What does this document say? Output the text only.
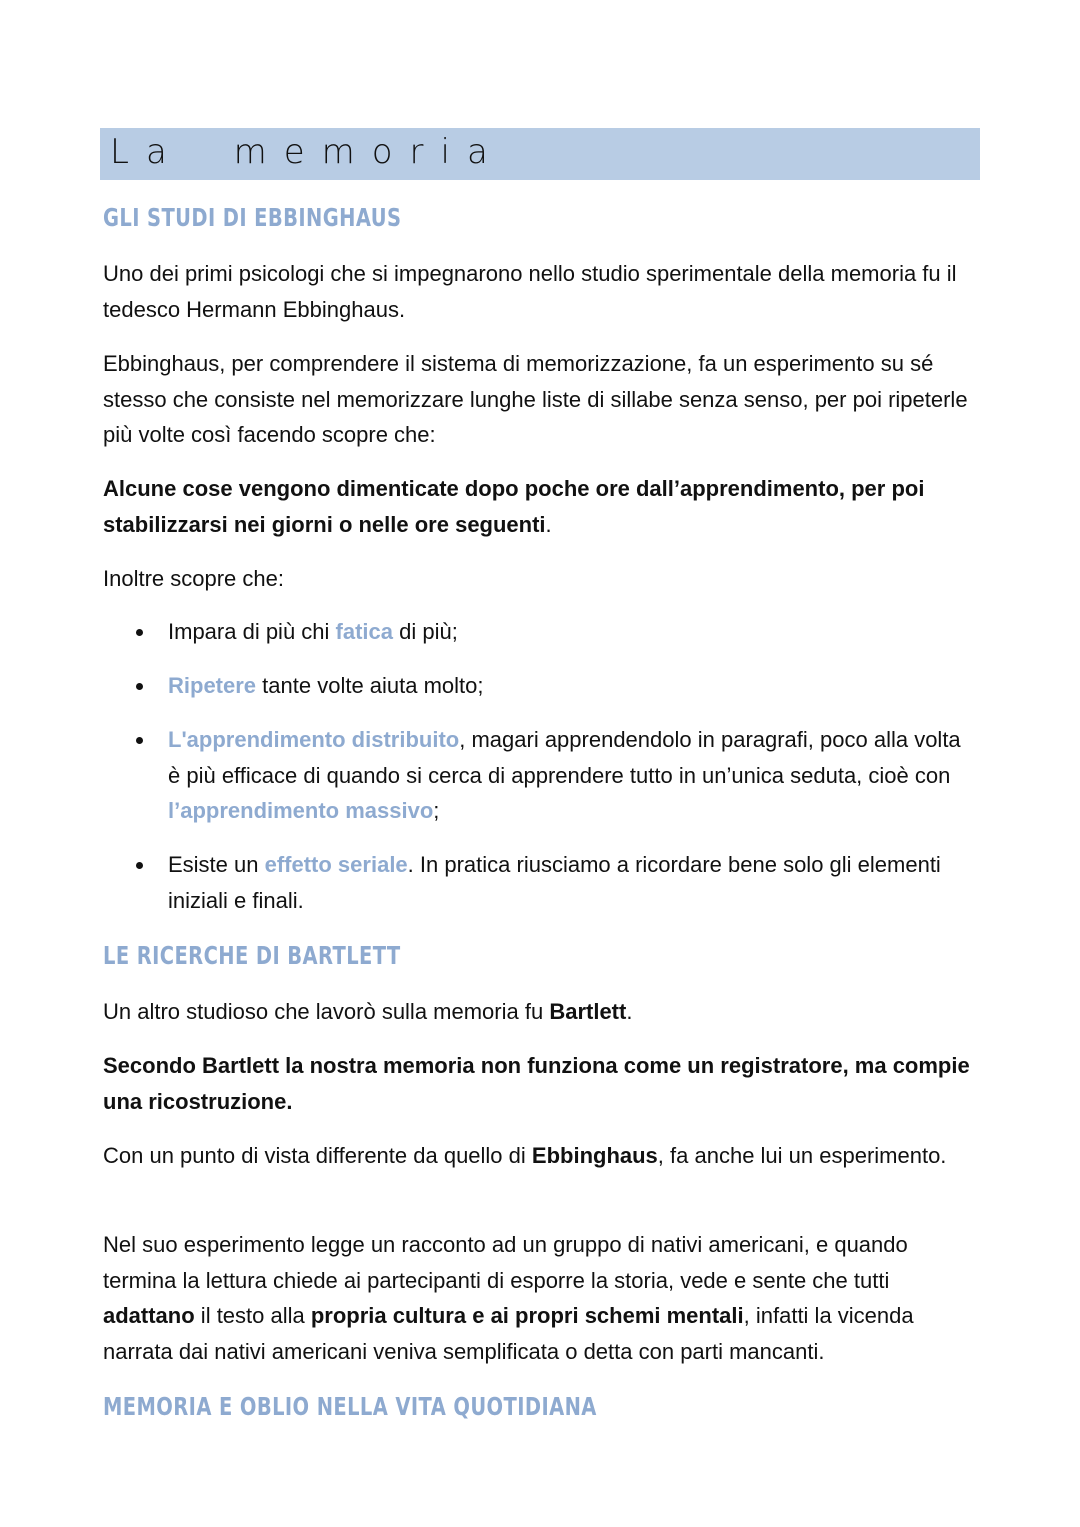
La memoria
GLI STUDI DI EBBINGHAUS

Uno dei primi psicologi che si impegnarono nello studio sperimentale della memoria fu il tedesco Hermann Ebbinghaus.

Ebbinghaus, per comprendere il sistema di memorizzazione, fa un esperimento su sé stesso che consiste nel memorizzare lunghe liste di sillabe senza senso, per poi ripeterle più volte così facendo scopre che:

Alcune cose vengono dimenticate dopo poche ore dall’apprendimento, per poi stabilizzarsi nei giorni o nelle ore seguenti.

Inoltre scopre che:

Impara di più chi fatica di più;
Ripetere tante volte aiuta molto;
L'apprendimento distribuito, magari apprendendolo in paragrafi, poco alla volta è più efficace di quando si cerca di apprendere tutto in un’unica seduta, cioè con l’apprendimento massivo;
Esiste un effetto seriale. In pratica riusciamo a ricordare bene solo gli elementi iniziali e finali.
LE RICERCHE DI BARTLETT

Un altro studioso che lavorò sulla memoria fu Bartlett.

Secondo Bartlett la nostra memoria non funziona come un registratore, ma compie una ricostruzione.

Con un punto di vista differente da quello di Ebbinghaus, fa anche lui un esperimento.

Nel suo esperimento legge un racconto ad un gruppo di nativi americani, e quando termina la lettura chiede ai partecipanti di esporre la storia, vede e sente che tutti adattano il testo alla propria cultura e ai propri schemi mentali, infatti la vicenda narrata dai nativi americani veniva semplificata o detta con parti mancanti.

MEMORIA E OBLIO NELLA VITA QUOTIDIANA
